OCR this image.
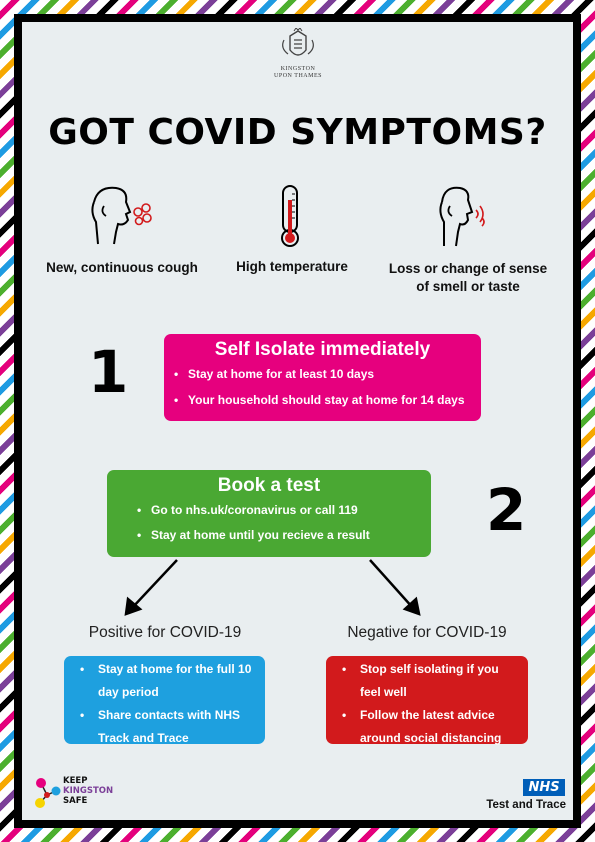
KINGSTON
UPON THAMES
GOT COVID SYMPTOMS?
New, continuous cough	High temperature	Loss or change of sense
of smell or taste
1	Self Isolate immediately
• Stay at home for at least 10 days
• Your household should stay at home for 14 days
Book a test
• Go to nhs.uk/coronavirus or call 119
• Stay at home until you recieve a result	2
Positive for COVID-19	Negative for COVID-19
• Stay at home for the full 10 day period
• Share contacts with NHS Track and Trace
• Stop self isolating if you feel well
• Follow the latest advice around social distancing
KEEP
KINGSTON
SAFE
NHS
Test and Trace
